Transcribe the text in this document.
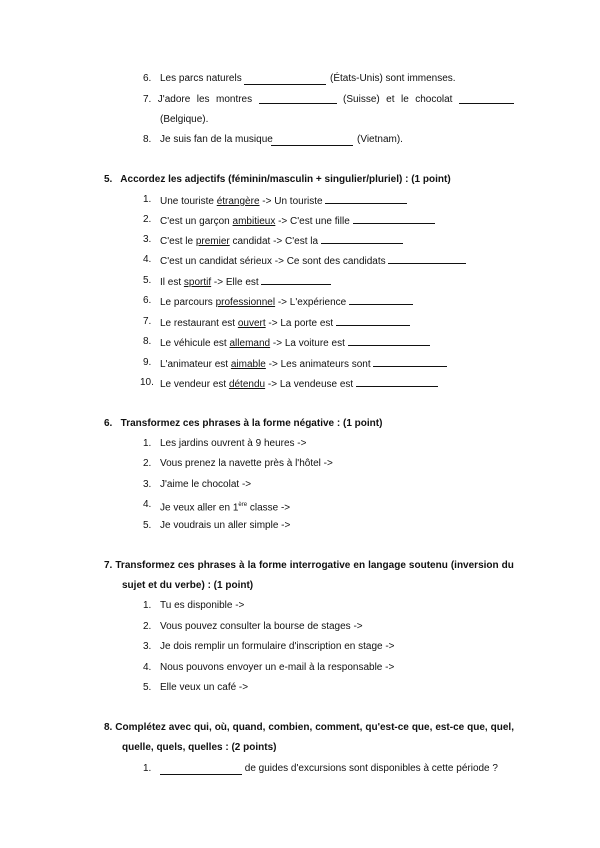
6. Les parcs naturels	(États-Unis) sont immenses.
7. J'adore les montres	(Suisse) et le chocolat
(Belgique).
8. Je suis fan de la musique	(Vietnam).
5.   Accordez les adjectifs (féminin/masculin + singulier/pluriel) : (1 point)
1. Une touriste étrangère -> Un touriste
2. C'est un garçon ambitieux -> C'est une fille
3. C'est le premier candidat -> C'est la
4. C'est un candidat sérieux -> Ce sont des candidats
5. Il est sportif -> Elle est
6. Le parcours professionnel -> L'expérience
7. Le restaurant est ouvert -> La porte est
8. Le véhicule est allemand -> La voiture est
9. L'animateur est aimable -> Les animateurs sont
10. Le vendeur est détendu -> La vendeuse est
6.   Transformez ces phrases à la forme négative : (1 point)
1. Les jardins ouvrent à 9 heures ->
2. Vous prenez la navette près à l'hôtel ->
3. J'aime le chocolat ->
4. Je veux aller en 1ère classe ->
5. Je voudrais un aller simple ->
7. Transformez ces phrases à la forme interrogative en langage soutenu (inversion du
sujet et du verbe) : (1 point)
1. Tu es disponible ->
2. Vous pouvez consulter la bourse de stages ->
3. Je dois remplir un formulaire d'inscription en stage ->
4. Nous pouvons envoyer un e-mail à la responsable ->
5. Elle veux un café ->
8. Complétez avec qui, où, quand, combien, comment, qu'est-ce que, est-ce que, quel,
quelle, quels, quelles : (2 points)
1.	de guides d'excursions sont disponibles à cette période ?
